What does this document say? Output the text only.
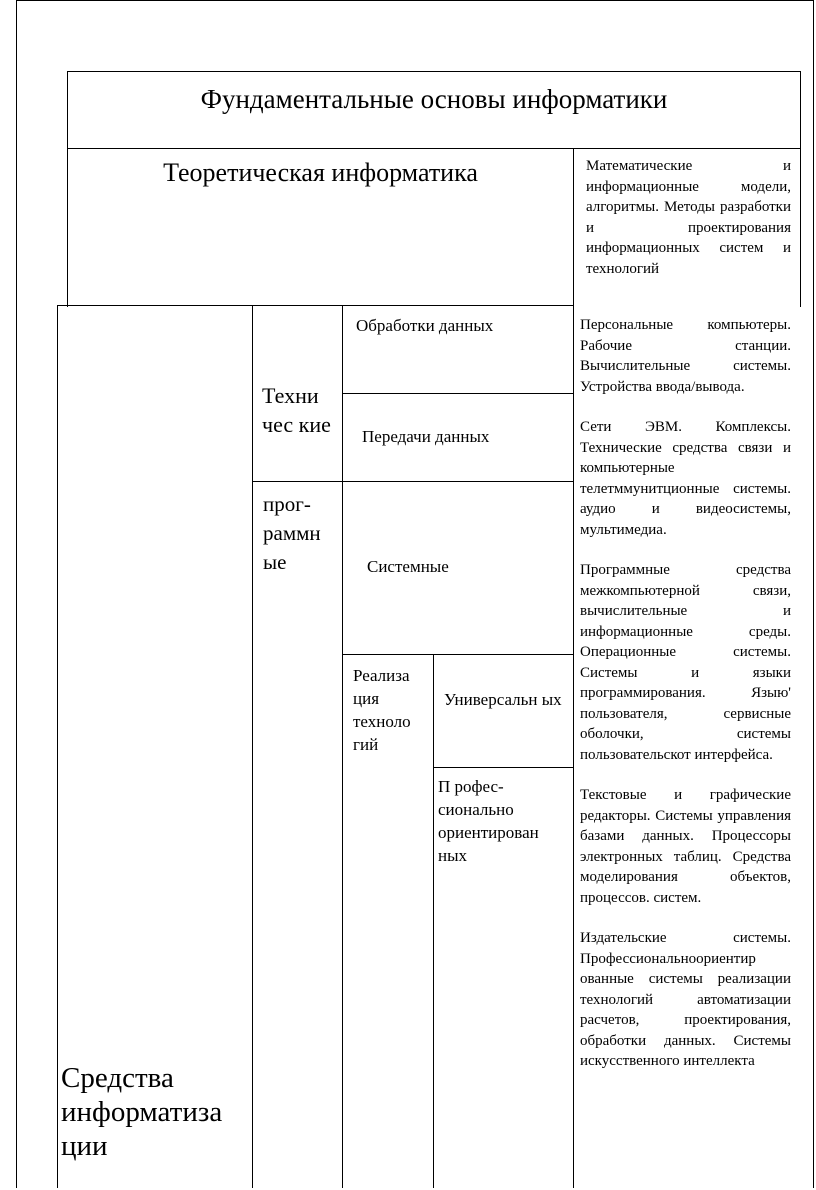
Фундаментальные основы информатики
Теоретическая информатика	Математические и информационные модели, алгоритмы. Методы разработки и проектирования информационных систем и технологий
Средства информатиза ции
Техни чес кие
прог- раммн ые
Обработки данных
Передачи данных
Системные
Реализа ция техноло гий
Универсальн ых
П рофес- сионально ориентирован ных

Персональные компьютеры. Рабочие станции. Вычислительные системы. Устройства ввода/вывода.

Сети ЭВМ. Комплексы. Технические средства связи и компьютерные телетммунитционные системы. аудио и видеосистемы, мультимедиа.

Программные средства межкомпьютерной связи, вычислительные и информационные среды. Операционные системы. Системы и языки программирования. Языю' пользователя, сервисные оболочки, системы пользовательскот интерфейса.

Текстовые и графические редакторы. Системы управления базами данных. Процессоры электронных таблиц. Средства моделирования объектов, процессов. систем.

Издательские системы. Профессиональноориентир ованные системы реализации технологий автоматизации расчетов, проектирования, обработки данных. Системы искусственного интеллекта
